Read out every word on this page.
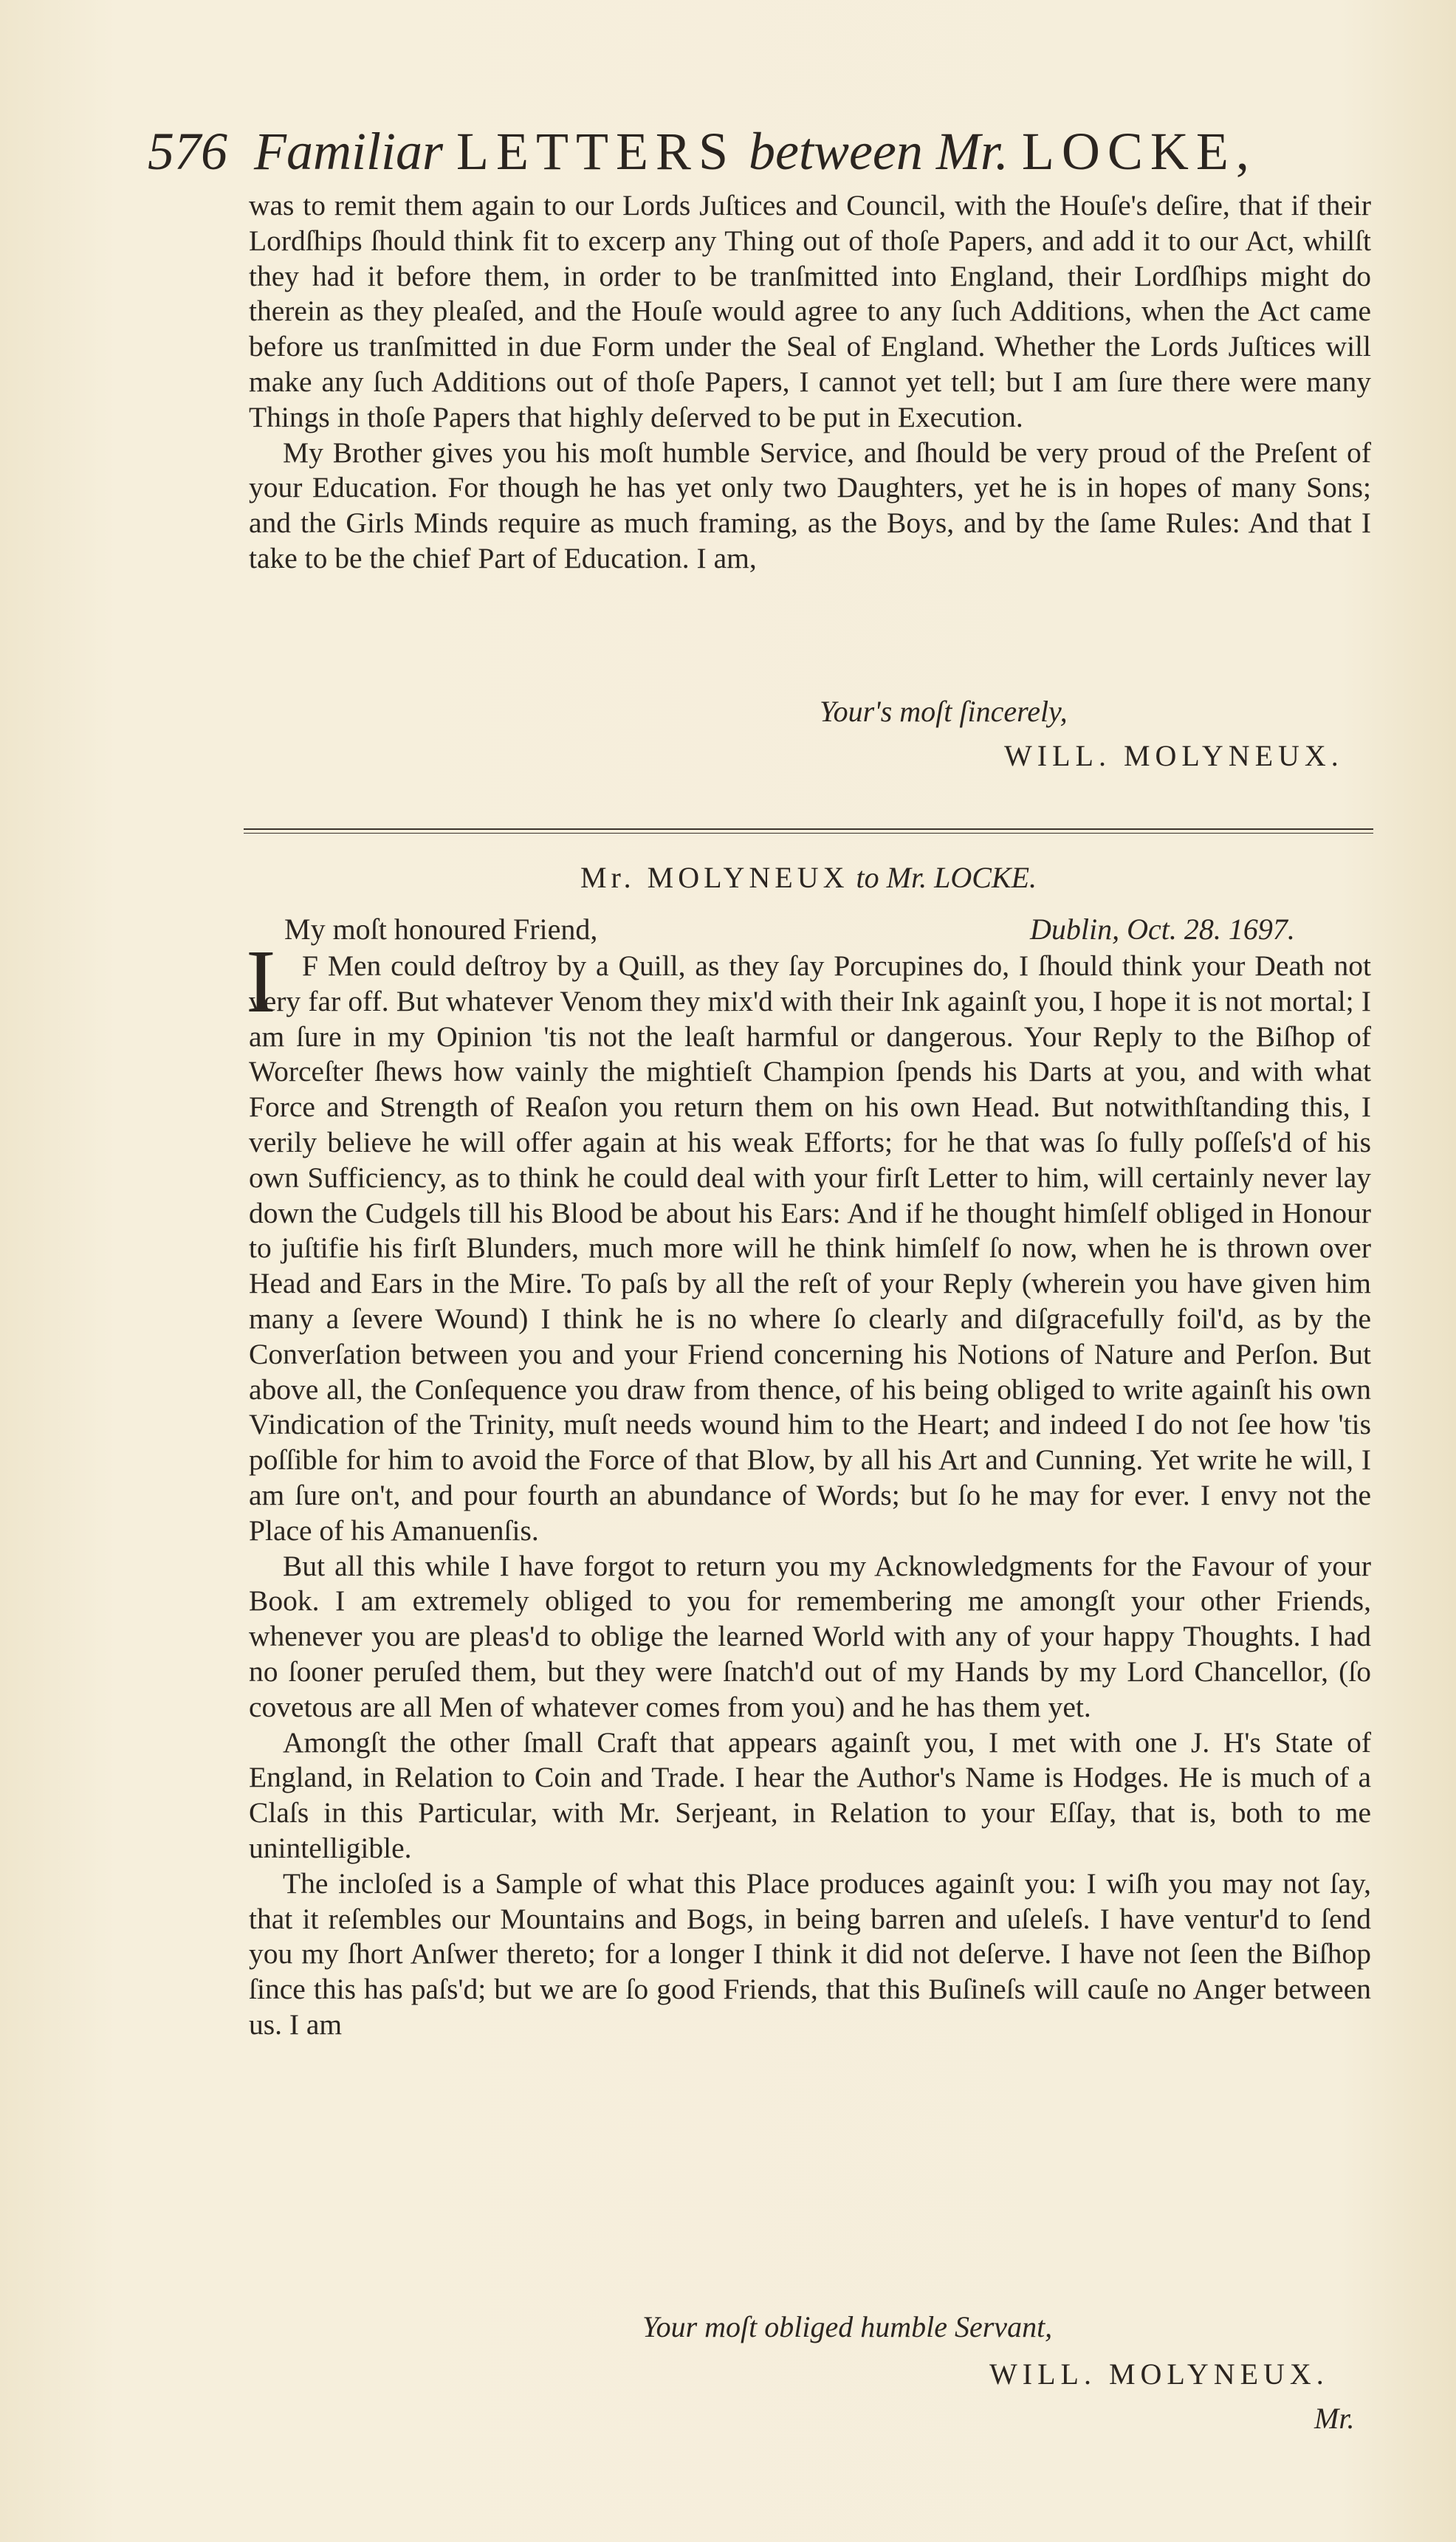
576 Familiar LETTERS between Mr. LOCKE,

was to remit them again to our Lords Juſtices and Council, with the Houſe's deſire, that if their Lordſhips ſhould think fit to excerp any Thing out of thoſe Papers, and add it to our Act, whilſt they had it before them, in order to be tranſmitted into England, their Lordſhips might do therein as they pleaſed, and the Houſe would agree to any ſuch Additions, when the Act came before us tranſmitted in due Form under the Seal of England. Whether the Lords Juſtices will make any ſuch Additions out of thoſe Papers, I cannot yet tell; but I am ſure there were many Things in thoſe Papers that highly deſerved to be put in Execution.

My Brother gives you his moſt humble Service, and ſhould be very proud of the Preſent of your Education. For though he has yet only two Daughters, yet he is in hopes of many Sons; and the Girls Minds require as much framing, as the Boys, and by the ſame Rules: And that I take to be the chief Part of Education. I am,

Your's moſt ſincerely,
WILL. MOLYNEUX.
Mr. MOLYNEUX to Mr. LOCKE.
My moſt honoured Friend,	Dublin, Oct. 28. 1697.
I F Men could deſtroy by a Quill, as they ſay Porcupines do, I ſhould think your Death not very far off. But whatever Venom they mix'd with their Ink againſt you, I hope it is not mortal; I am ſure in my Opinion 'tis not the leaſt harmful or dangerous. Your Reply to the Biſhop of Worceſter ſhews how vainly the mightieſt Champion ſpends his Darts at you, and with what Force and Strength of Reaſon you return them on his own Head. But notwithſtanding this, I verily believe he will offer again at his weak Efforts; for he that was ſo fully poſſeſs'd of his own Sufficiency, as to think he could deal with your firſt Letter to him, will certainly never lay down the Cudgels till his Blood be about his Ears: And if he thought himſelf obliged in Honour to juſtifie his firſt Blunders, much more will he think himſelf ſo now, when he is thrown over Head and Ears in the Mire. To paſs by all the reſt of your Reply (wherein you have given him many a ſevere Wound) I think he is no where ſo clearly and diſgracefully foil'd, as by the Converſation between you and your Friend concerning his Notions of Nature and Perſon. But above all, the Conſequence you draw from thence, of his being obliged to write againſt his own Vindication of the Trinity, muſt needs wound him to the Heart; and indeed I do not ſee how 'tis poſſible for him to avoid the Force of that Blow, by all his Art and Cunning. Yet write he will, I am ſure on't, and pour fourth an abundance of Words; but ſo he may for ever. I envy not the Place of his Amanuenſis.

But all this while I have forgot to return you my Acknowledgments for the Favour of your Book. I am extremely obliged to you for remembering me amongſt your other Friends, whenever you are pleas'd to oblige the learned World with any of your happy Thoughts. I had no ſooner peruſed them, but they were ſnatch'd out of my Hands by my Lord Chancellor, (ſo covetous are all Men of whatever comes from you) and he has them yet.

Amongſt the other ſmall Craft that appears againſt you, I met with one J. H's State of England, in Relation to Coin and Trade. I hear the Author's Name is Hodges. He is much of a Claſs in this Particular, with Mr. Serjeant, in Relation to your Eſſay, that is, both to me unintelligible.

The incloſed is a Sample of what this Place produces againſt you: I wiſh you may not ſay, that it reſembles our Mountains and Bogs, in being barren and uſeleſs. I have ventur'd to ſend you my ſhort Anſwer thereto; for a longer I think it did not deſerve. I have not ſeen the Biſhop ſince this has paſs'd; but we are ſo good Friends, that this Buſineſs will cauſe no Anger between us. I am

Your moſt obliged humble Servant,
WILL. MOLYNEUX.
Mr.
